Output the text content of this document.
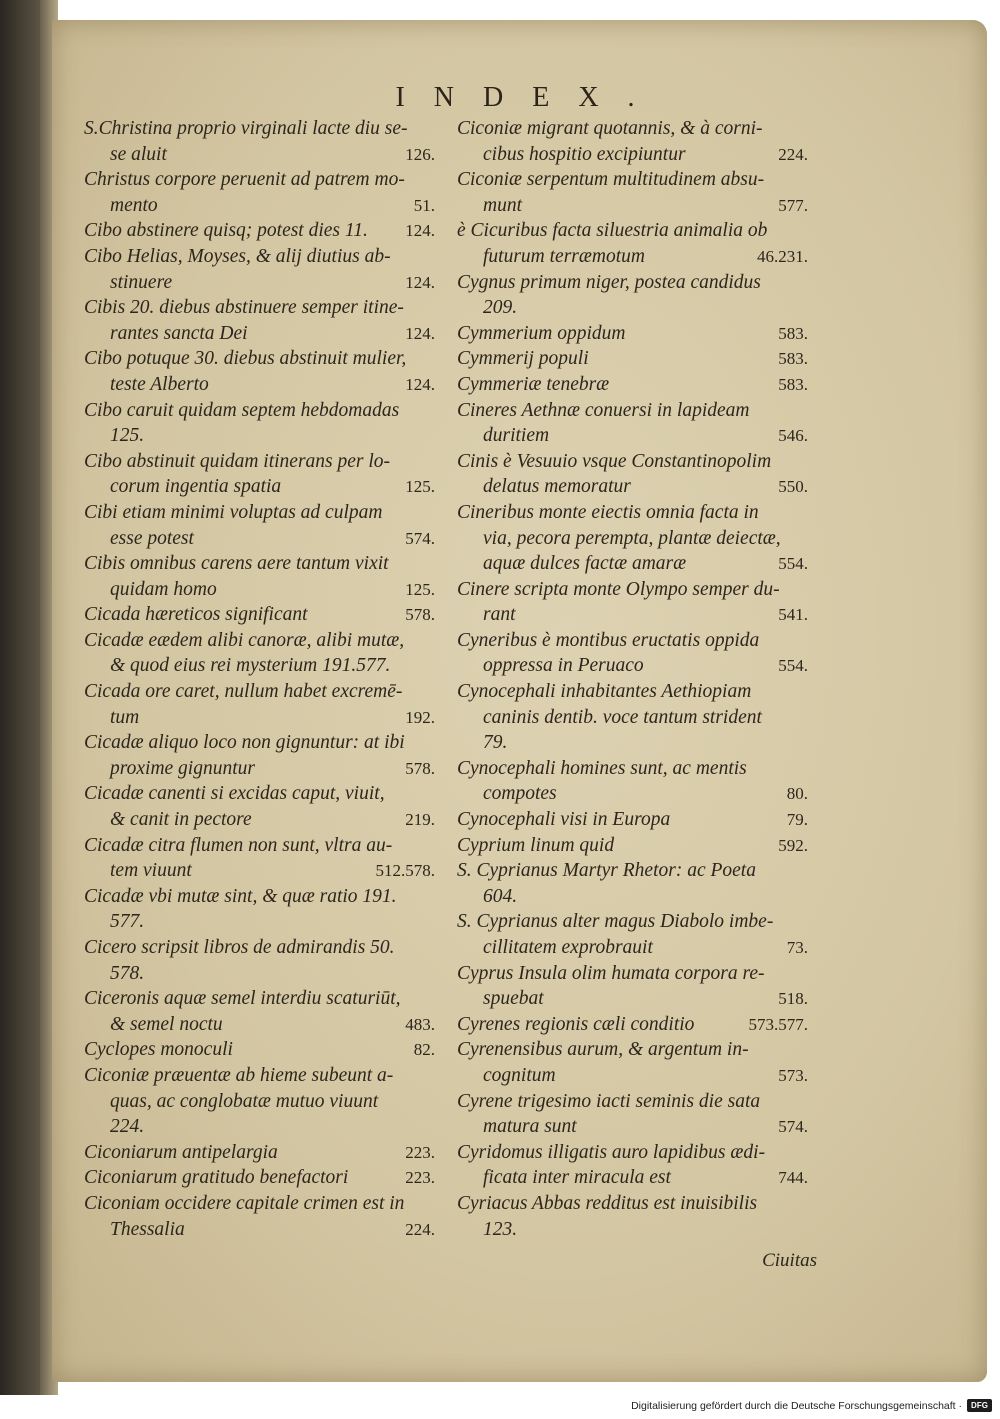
INDEX.
S.Christina proprio virginali lacte diu se-
126.
se aluit
Christus corpore peruenit ad patrem mo-
51.
mento
124.
Cibo abstinere quisq; potest dies 11.
Cibo Helias, Moyses, & alij diutius ab-
124.
stinuere
Cibis 20. diebus abstinuere semper itine-
124.
rantes sancta Dei
Cibo potuque 30. diebus abstinuit mulier,
124.
teste Alberto
Cibo caruit quidam septem hebdomadas
125.
Cibo abstinuit quidam itinerans per lo-
125.
corum ingentia spatia
Cibi etiam minimi voluptas ad culpam
574.
esse potest
Cibis omnibus carens aere tantum vixit
125.
quidam homo
578.
Cicada hæreticos significant
Cicadæ eædem alibi canoræ, alibi mutæ,
& quod eius rei mysterium 191.577.
Cicada ore caret, nullum habet excremē-
192.
tum
Cicadæ aliquo loco non gignuntur: at ibi
578.
proxime gignuntur
Cicadæ canenti si excidas caput, viuit,
219.
& canit in pectore
Cicadæ citra flumen non sunt, vltra au-
512.578.
tem viuunt
Cicadæ vbi mutæ sint, & quæ ratio 191.
577.
Cicero scripsit libros de admirandis 50.
578.
Ciceronis aquæ semel interdiu scaturiūt,
483.
& semel noctu
82.
Cyclopes monoculi
Ciconiæ præuentæ ab hieme subeunt a-
quas, ac conglobatæ mutuo viuunt
224.
223.
Ciconiarum antipelargia
223.
Ciconiarum gratitudo benefactori
Ciconiam occidere capitale crimen est in
224.
Thessalia
Ciconiæ migrant quotannis, & à corni-
224.
cibus hospitio excipiuntur
Ciconiæ serpentum multitudinem absu-
577.
munt
è Cicuribus facta siluestria animalia ob
46.231.
futurum terræmotum
Cygnus primum niger, postea candidus
209.
583.
Cymmerium oppidum
583.
Cymmerij populi
583.
Cymmeriæ tenebræ
Cineres Aethnæ conuersi in lapideam
546.
duritiem
Cinis è Vesuuio vsque Constantinopolim
550.
delatus memoratur
Cineribus monte eiectis omnia facta in
via, pecora perempta, plantæ deiectæ,
554.
aquæ dulces factæ amaræ
Cinere scripta monte Olympo semper du-
541.
rant
Cyneribus è montibus eructatis oppida
554.
oppressa in Peruaco
Cynocephali inhabitantes Aethiopiam
caninis dentib. voce tantum strident
79.
Cynocephali homines sunt, ac mentis
80.
compotes
79.
Cynocephali visi in Europa
592.
Cyprium linum quid
S. Cyprianus Martyr Rhetor: ac Poeta
604.
S. Cyprianus alter magus Diabolo imbe-
73.
cillitatem exprobrauit
Cyprus Insula olim humata corpora re-
518.
spuebat
573.577.
Cyrenes regionis cæli conditio
Cyrenensibus aurum, & argentum in-
573.
cognitum
Cyrene trigesimo iacti seminis die sata
574.
matura sunt
Cyridomus illigatis auro lapidibus ædi-
744.
ficata inter miracula est
Cyriacus Abbas redditus est inuisibilis
123.
Ciuitas
Digitalisierung gefördert durch die Deutsche Forschungsgemeinschaft ·	DFG
